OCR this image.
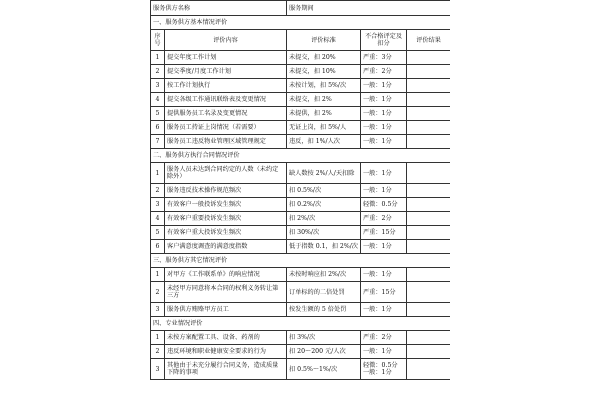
服务供方名称		服务期间		
一、服务供方基本情况评价				
序号	评价内容	评价标准	不合格评定及扣分	评价结果
1	提交年度工作计划	未提交，扣 20%	严重：3分	
2	提交季度/月度工作计划	未提交，扣 10%	严重：2分	
3	按工作计划执行	未按计划，扣 5%/次	一般：1分	
4	提交各级工作通讯联络表及变更情况	未提交，扣 2%	一般：1分	
5	提供服务员工名录及变更情况	未提供，扣 2%	一般：1分	
6	服务员工持证上岗情况（若需要）	无证上岗，扣 5%/人	一般：1分	
7	服务员工违反物业管理区域管理规定	违反，扣 1%/人次	一般：1分	
二、服务供方执行合同情况评价				
1	服务人员未达到合同约定的人数（未约定除外）	缺人数按 2%/人/天扣除	一般：1分	
2	服务违反技术操作规范频次	扣 0.5%/次	一般：1分	
3	有效客户一般投诉发生频次	扣 0.2%/次	轻微：0.5分	
4	有效客户重要投诉发生频次	扣 2%/次	严重：2分	
5	有效客户重大投诉发生频次	扣 30%/次	严重：15分	
6	客户满意度调查的满意度指数	低于指数 0.1，扣 2%/次	一般：1分	
三、服务供方其它情况评价				
1	对甲方《工作联系单》的响应情况	未按时响应扣 2%/次	一般：1分	
2	未经甲方同意将本合同的权利义务转让第三方	订单标的的二倍处罚	严重：15分	
3	服务供方贿赂甲方员工	按发生额的 5 倍处罚	一般：1分	
四、专业情况评价				
1	未按方案配置工具、设备、药剂的	扣 3%/次	严重：2分	
2	违反环境和职业健康安全要求的行为	扣 20～200 元/人次	一般：1分	
3	其他由于未充分履行合同义务，造成质量下降的事项	扣 0.5%～1%/次	轻微：0.5分 一般：1分	
